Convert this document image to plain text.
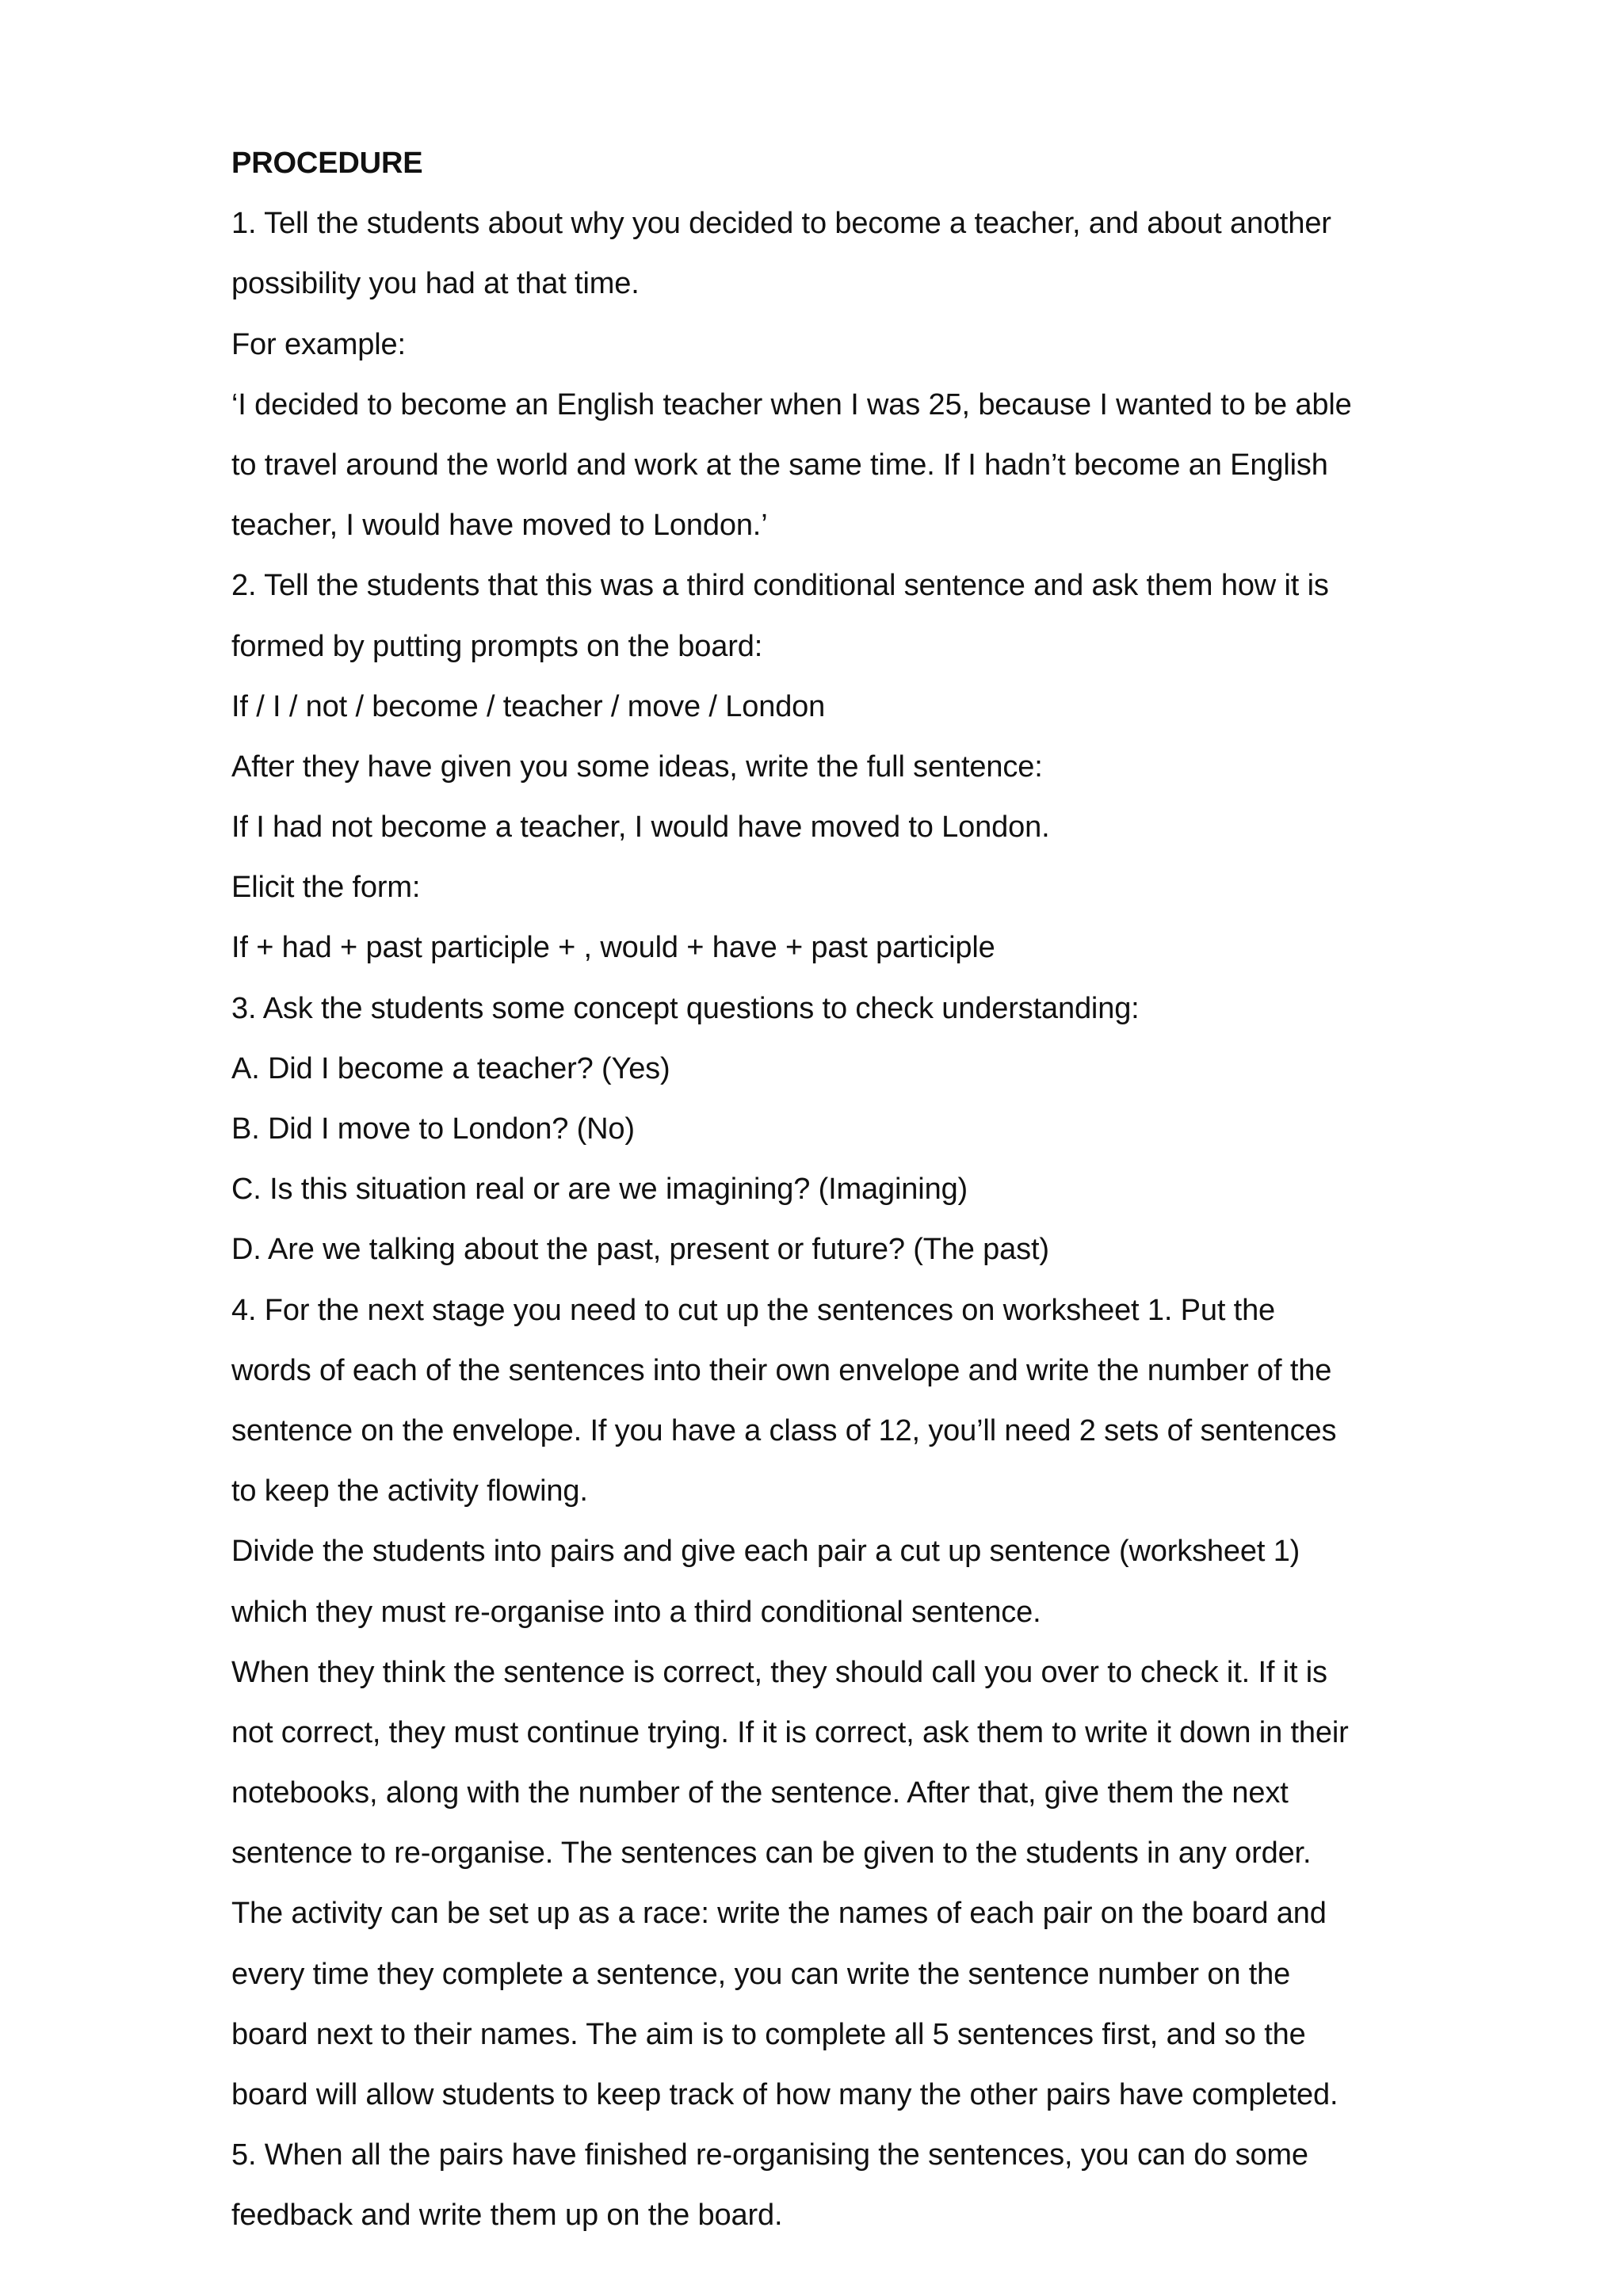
PROCEDURE
1. Tell the students about why you decided to become a teacher, and about another
possibility you had at that time.
For example:
‘I decided to become an English teacher when I was 25, because I wanted to be able
to travel around the world and work at the same time. If I hadn’t become an English
teacher, I would have moved to London.’
2. Tell the students that this was a third conditional sentence and ask them how it is
formed by putting prompts on the board:
If / I / not / become / teacher / move / London
After they have given you some ideas, write the full sentence:
If I had not become a teacher, I would have moved to London.
Elicit the form:
If + had + past participle + , would + have + past participle
3. Ask the students some concept questions to check understanding:
A. Did I become a teacher? (Yes)
B. Did I move to London? (No)
C. Is this situation real or are we imagining? (Imagining)
D. Are we talking about the past, present or future? (The past)
4. For the next stage you need to cut up the sentences on worksheet 1. Put the
words of each of the sentences into their own envelope and write the number of the
sentence on the envelope. If you have a class of 12, you’ll need 2 sets of sentences
to keep the activity flowing.
Divide the students into pairs and give each pair a cut up sentence (worksheet 1)
which they must re-organise into a third conditional sentence.
When they think the sentence is correct, they should call you over to check it. If it is
not correct, they must continue trying. If it is correct, ask them to write it down in their
notebooks, along with the number of the sentence. After that, give them the next
sentence to re-organise. The sentences can be given to the students in any order.
The activity can be set up as a race: write the names of each pair on the board and
every time they complete a sentence, you can write the sentence number on the
board next to their names. The aim is to complete all 5 sentences first, and so the
board will allow students to keep track of how many the other pairs have completed.
5. When all the pairs have finished re-organising the sentences, you can do some
feedback and write them up on the board.
